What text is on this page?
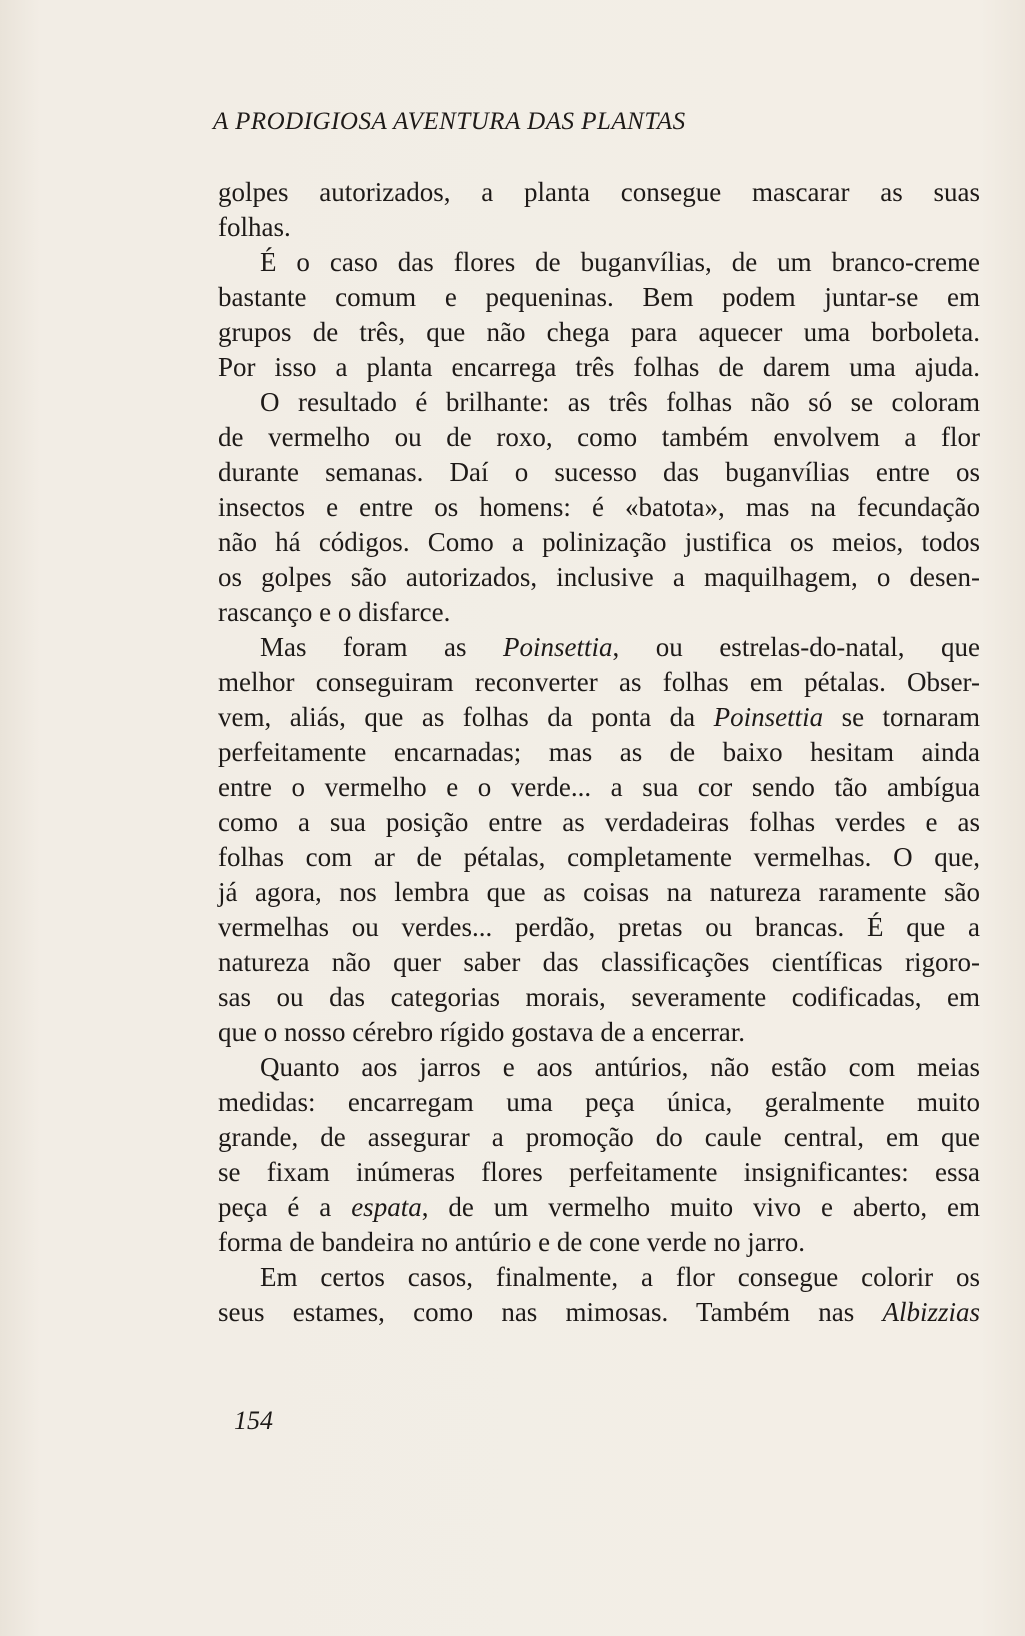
A PRODIGIOSA AVENTURA DAS PLANTAS
golpes autorizados, a planta consegue mascarar as suas
folhas.
É o caso das flores de buganvílias, de um branco-creme
bastante comum e pequeninas. Bem podem juntar-se em
grupos de três, que não chega para aquecer uma borboleta.
Por isso a planta encarrega três folhas de darem uma ajuda.
O resultado é brilhante: as três folhas não só se coloram
de vermelho ou de roxo, como também envolvem a flor
durante semanas. Daí o sucesso das buganvílias entre os
insectos e entre os homens: é «batota», mas na fecundação
não há códigos. Como a polinização justifica os meios, todos
os golpes são autorizados, inclusive a maquilhagem, o desen-
rascanço e o disfarce.
Mas foram as Poinsettia, ou estrelas-do-natal, que
melhor conseguiram reconverter as folhas em pétalas. Obser-
vem, aliás, que as folhas da ponta da Poinsettia se tornaram
perfeitamente encarnadas; mas as de baixo hesitam ainda
entre o vermelho e o verde... a sua cor sendo tão ambígua
como a sua posição entre as verdadeiras folhas verdes e as
folhas com ar de pétalas, completamente vermelhas. O que,
já agora, nos lembra que as coisas na natureza raramente são
vermelhas ou verdes... perdão, pretas ou brancas. É que a
natureza não quer saber das classificações científicas rigoro-
sas ou das categorias morais, severamente codificadas, em
que o nosso cérebro rígido gostava de a encerrar.
Quanto aos jarros e aos antúrios, não estão com meias
medidas: encarregam uma peça única, geralmente muito
grande, de assegurar a promoção do caule central, em que
se fixam inúmeras flores perfeitamente insignificantes: essa
peça é a espata, de um vermelho muito vivo e aberto, em
forma de bandeira no antúrio e de cone verde no jarro.
Em certos casos, finalmente, a flor consegue colorir os
seus estames, como nas mimosas. Também nas Albizzias
154
